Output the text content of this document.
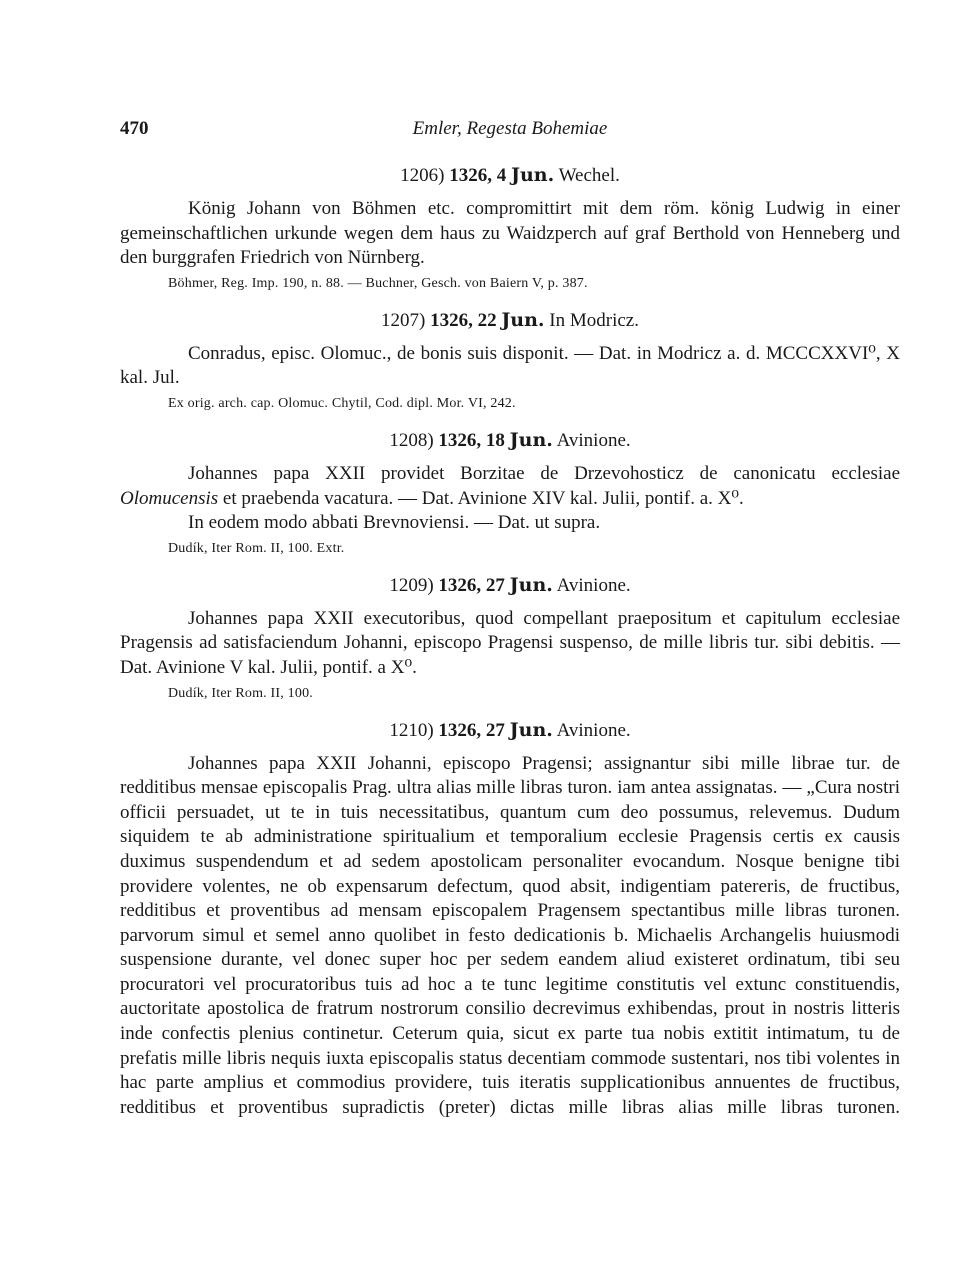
470	Emler, Regesta Bohemiae
1206) 1326, 4 Jun. Wechel.

König Johann von Böhmen etc. compromittirt mit dem röm. könig Ludwig in einer gemeinschaftlichen urkunde wegen dem haus zu Waidzperch auf graf Berthold von Henneberg und den burggrafen Friedrich von Nürnberg.

Böhmer, Reg. Imp. 190, n. 88. — Buchner, Gesch. von Baiern V, p. 387.

1207) 1326, 22 Jun. In Modricz.

Conradus, episc. Olomuc., de bonis suis disponit. — Dat. in Modricz a. d. MCCCXXVI⁰, X kal. Jul.

Ex orig. arch. cap. Olomuc. Chytil, Cod. dipl. Mor. VI, 242.

1208) 1326, 18 Jun. Avinione.

Johannes papa XXII providet Borzitae de Drzevohosticz de canonicatu ecclesiae Olomucensis et praebenda vacatura. — Dat. Avinione XIV kal. Julii, pontif. a. X⁰.

In eodem modo abbati Brevnoviensi. — Dat. ut supra.

Dudík, Iter Rom. II, 100. Extr.

1209) 1326, 27 Jun. Avinione.

Johannes papa XXII executoribus, quod compellant praepositum et capitulum ecclesiae Pragensis ad satisfaciendum Johanni, episcopo Pragensi suspenso, de mille libris tur. sibi debitis. — Dat. Avinione V kal. Julii, pontif. a X⁰.

Dudík, Iter Rom. II, 100.

1210) 1326, 27 Jun. Avinione.

Johannes papa XXII Johanni, episcopo Pragensi; assignantur sibi mille librae tur. de redditibus mensae episcopalis Prag. ultra alias mille libras turon. iam antea assignatas. — „Cura nostri officii persuadet, ut te in tuis necessitatibus, quantum cum deo possumus, relevemus. Dudum siquidem te ab administratione spiritualium et temporalium ecclesie Pragensis certis ex causis duximus suspendendum et ad sedem apostolicam personaliter evocandum. Nosque benigne tibi providere volentes, ne ob expensarum defectum, quod absit, indigentiam patereris, de fructibus, redditibus et proventibus ad mensam episcopalem Pragensem spectantibus mille libras turonen. parvorum simul et semel anno quolibet in festo dedicationis b. Michaelis Archangelis huiusmodi suspensione durante, vel donec super hoc per sedem eandem aliud existeret ordinatum, tibi seu procuratori vel procuratoribus tuis ad hoc a te tunc legitime constitutis vel extunc constituendis, auctoritate apostolica de fratrum nostrorum consilio decrevimus exhibendas, prout in nostris litteris inde confectis plenius continetur. Ceterum quia, sicut ex parte tua nobis extitit intimatum, tu de prefatis mille libris nequis iuxta episcopalis status decentiam commode sustentari, nos tibi volentes in hac parte amplius et commodius providere, tuis iteratis supplicationibus annuentes de fructibus, redditibus et proventibus supradictis (preter) dictas mille libras alias mille libras turonen.
